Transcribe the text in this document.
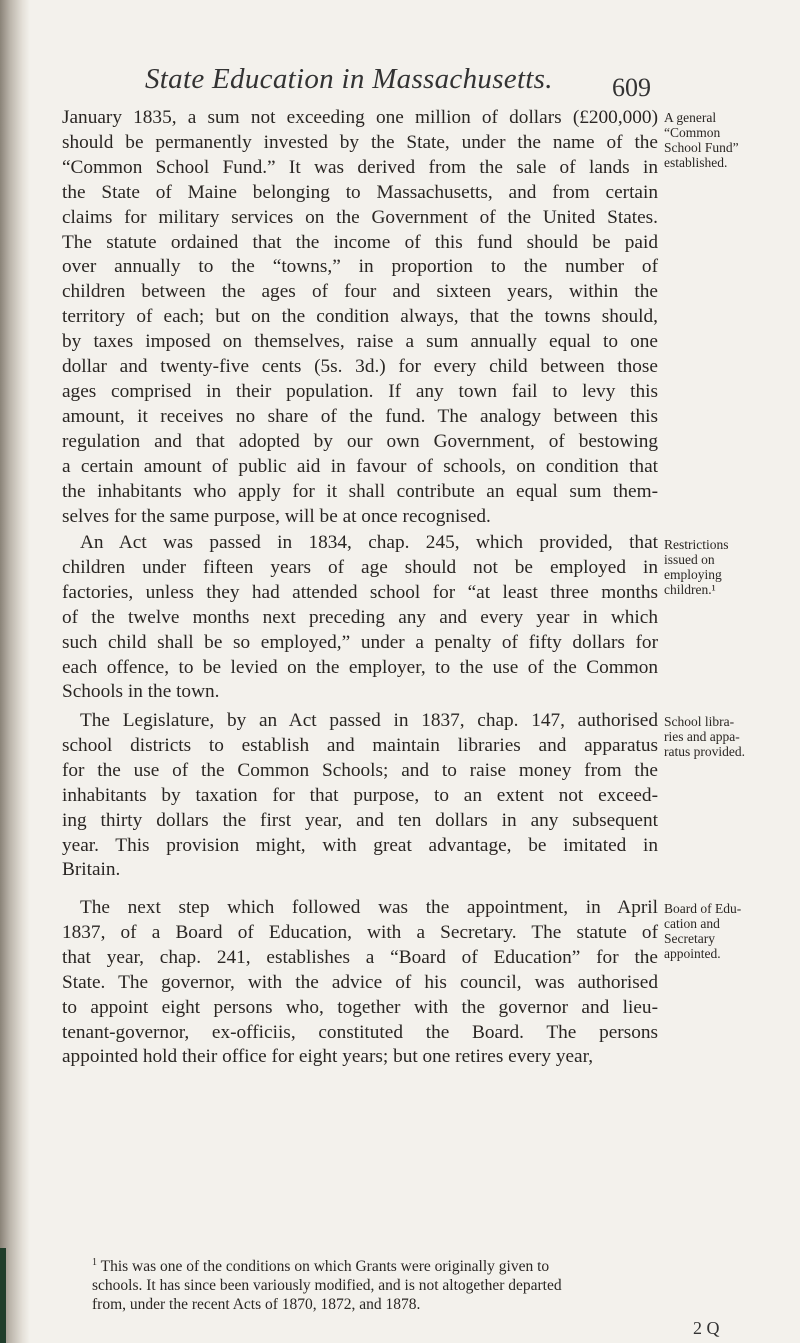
State Education in Massachusetts. 609

January 1835, a sum not exceeding one million of dollars (£200,000)
should be permanently invested by the State, under the name of the
“Common School Fund.” It was derived from the sale of lands in
the State of Maine belonging to Massachusetts, and from certain
claims for military services on the Government of the United States.
The statute ordained that the income of this fund should be paid
over annually to the “towns,” in proportion to the number of
children between the ages of four and sixteen years, within the
territory of each; but on the condition always, that the towns should,
by taxes imposed on themselves, raise a sum annually equal to one
dollar and twenty-five cents (5s. 3d.) for every child between those
ages comprised in their population. If any town fail to levy this
amount, it receives no share of the fund. The analogy between this
regulation and that adopted by our own Government, of bestowing
a certain amount of public aid in favour of schools, on condition that
the inhabitants who apply for it shall contribute an equal sum them-
selves for the same purpose, will be at once recognised.

A general
“Common
School Fund”
established.

An Act was passed in 1834, chap. 245, which provided, that
children under fifteen years of age should not be employed in
factories, unless they had attended school for “at least three months
of the twelve months next preceding any and every year in which
such child shall be so employed,” under a penalty of fifty dollars for
each offence, to be levied on the employer, to the use of the Common
Schools in the town.

Restrictions
issued on
employing
children.¹

The Legislature, by an Act passed in 1837, chap. 147, authorised
school districts to establish and maintain libraries and apparatus
for the use of the Common Schools; and to raise money from the
inhabitants by taxation for that purpose, to an extent not exceed-
ing thirty dollars the first year, and ten dollars in any subsequent
year. This provision might, with great advantage, be imitated in
Britain.

School libra-
ries and appa-
ratus provided.

The next step which followed was the appointment, in April
1837, of a Board of Education, with a Secretary. The statute of
that year, chap. 241, establishes a “Board of Education” for the
State. The governor, with the advice of his council, was authorised
to appoint eight persons who, together with the governor and lieu-
tenant-governor, ex-officiis, constituted the Board. The persons
appointed hold their office for eight years; but one retires every year,

Board of Edu-
cation and
Secretary
appointed.

$^1$ This was one of the conditions on which Grants were originally given to
schools. It has since been variously modified, and is not altogether departed
from, under the recent Acts of 1870, 1872, and 1878.

2 Q
